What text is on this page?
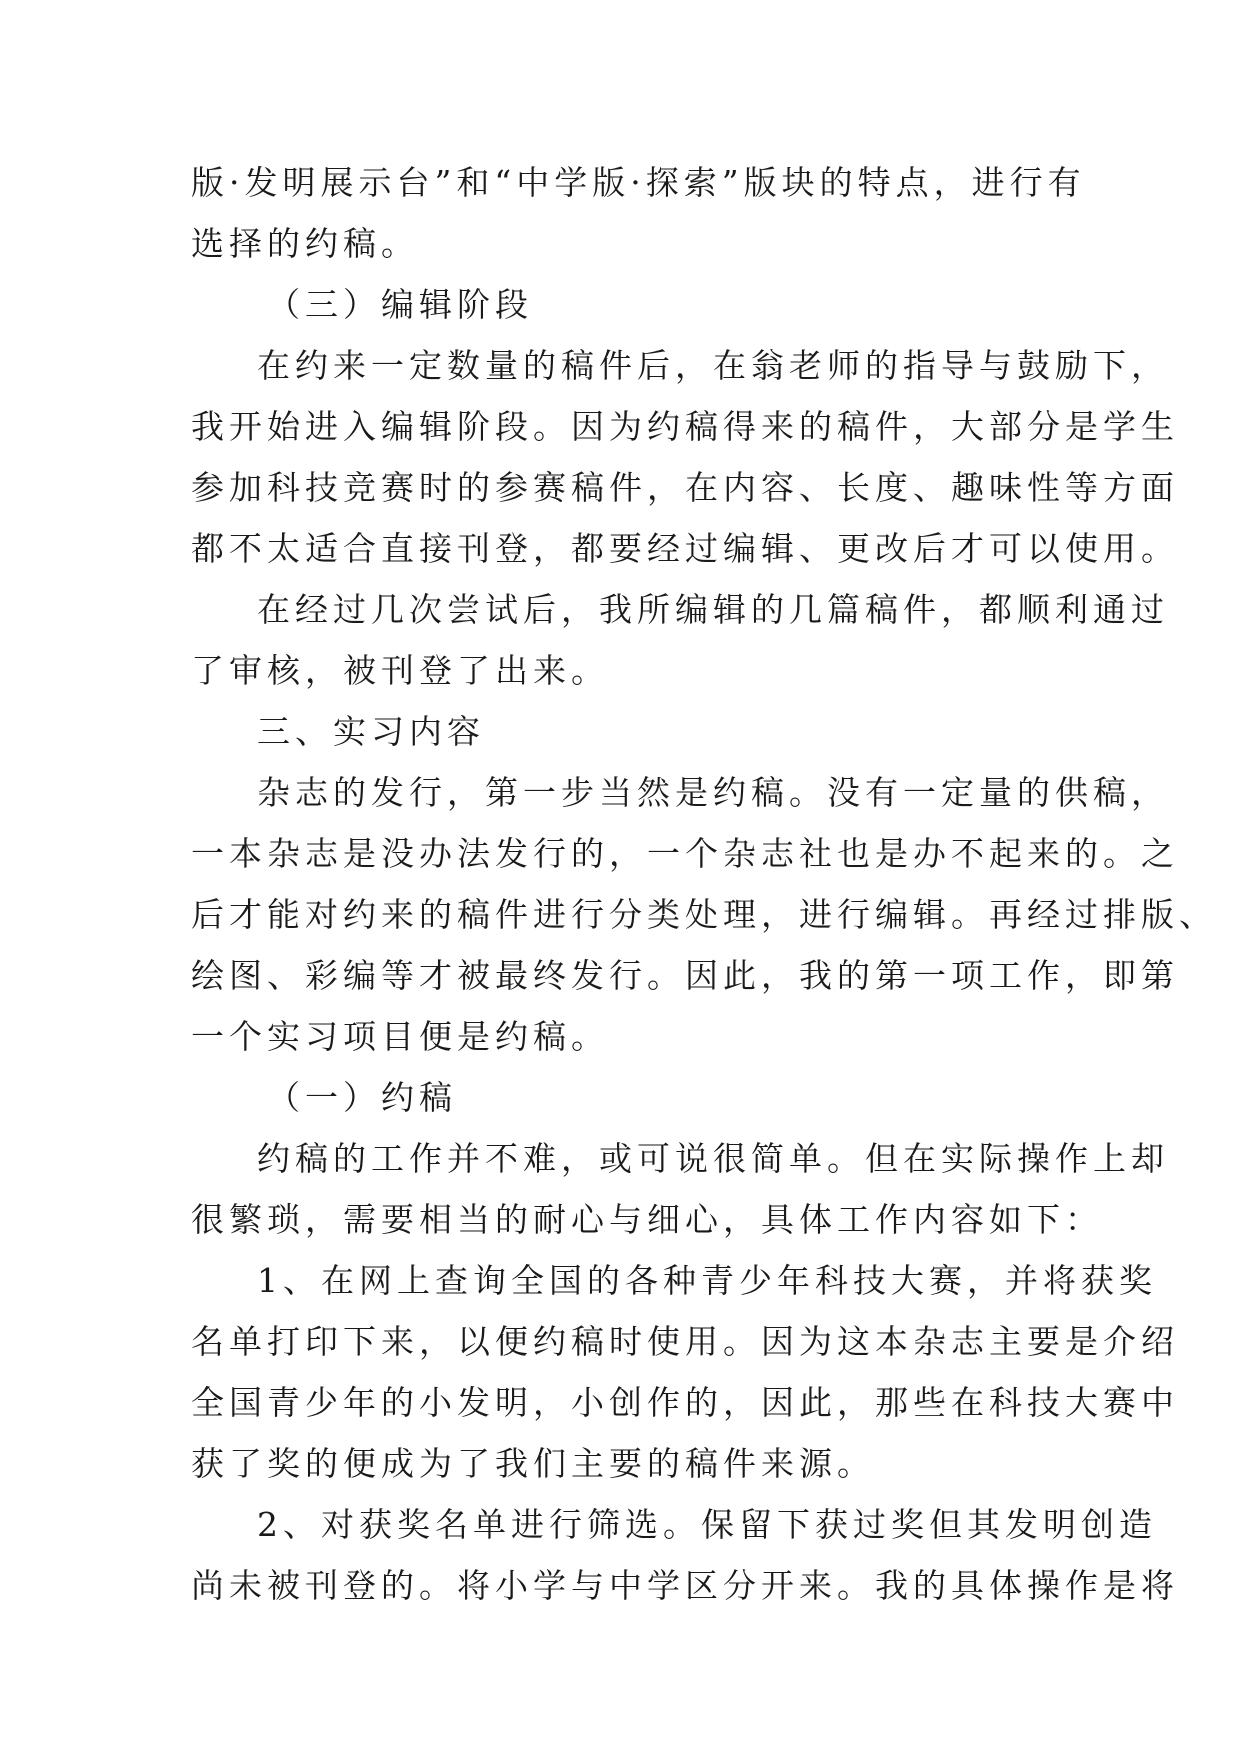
版·发明展示台”和“中学版·探索”版块的特点，进行有
选择的约稿。
（三）编辑阶段
在约来一定数量的稿件后，在翁老师的指导与鼓励下，
我开始进入编辑阶段。因为约稿得来的稿件，大部分是学生
参加科技竞赛时的参赛稿件，在内容、长度、趣味性等方面
都不太适合直接刊登，都要经过编辑、更改后才可以使用。
在经过几次尝试后，我所编辑的几篇稿件，都顺利通过
了审核，被刊登了出来。
三、实习内容
杂志的发行，第一步当然是约稿。没有一定量的供稿，
一本杂志是没办法发行的，一个杂志社也是办不起来的。之
后才能对约来的稿件进行分类处理，进行编辑。再经过排版、
绘图、彩编等才被最终发行。因此，我的第一项工作，即第
一个实习项目便是约稿。
（一）约稿
约稿的工作并不难，或可说很简单。但在实际操作上却
很繁琐，需要相当的耐心与细心，具体工作内容如下：
1、在网上查询全国的各种青少年科技大赛，并将获奖
名单打印下来，以便约稿时使用。因为这本杂志主要是介绍
全国青少年的小发明，小创作的，因此，那些在科技大赛中
获了奖的便成为了我们主要的稿件来源。
2、对获奖名单进行筛选。保留下获过奖但其发明创造
尚未被刊登的。将小学与中学区分开来。我的具体操作是将
